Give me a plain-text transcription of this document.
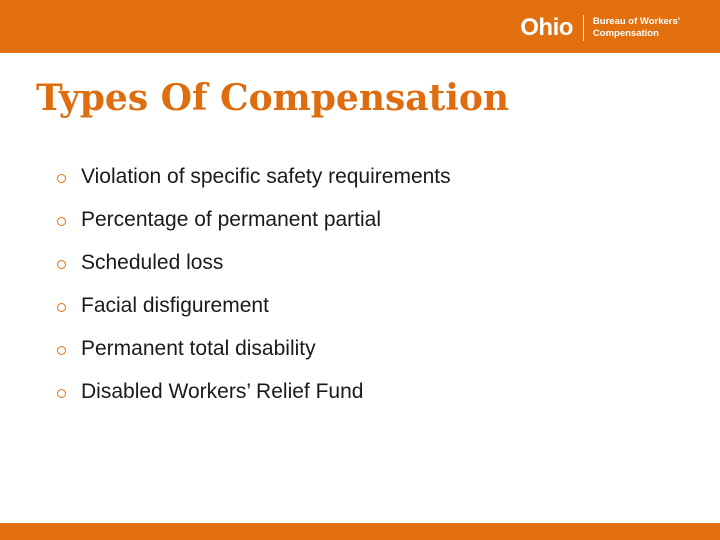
Ohio Bureau of Workers'
Compensation
Types Of Compensation
Violation of specific safety requirements
Percentage of permanent partial
Scheduled loss
Facial disfigurement
Permanent total disability
Disabled Workers’ Relief Fund
